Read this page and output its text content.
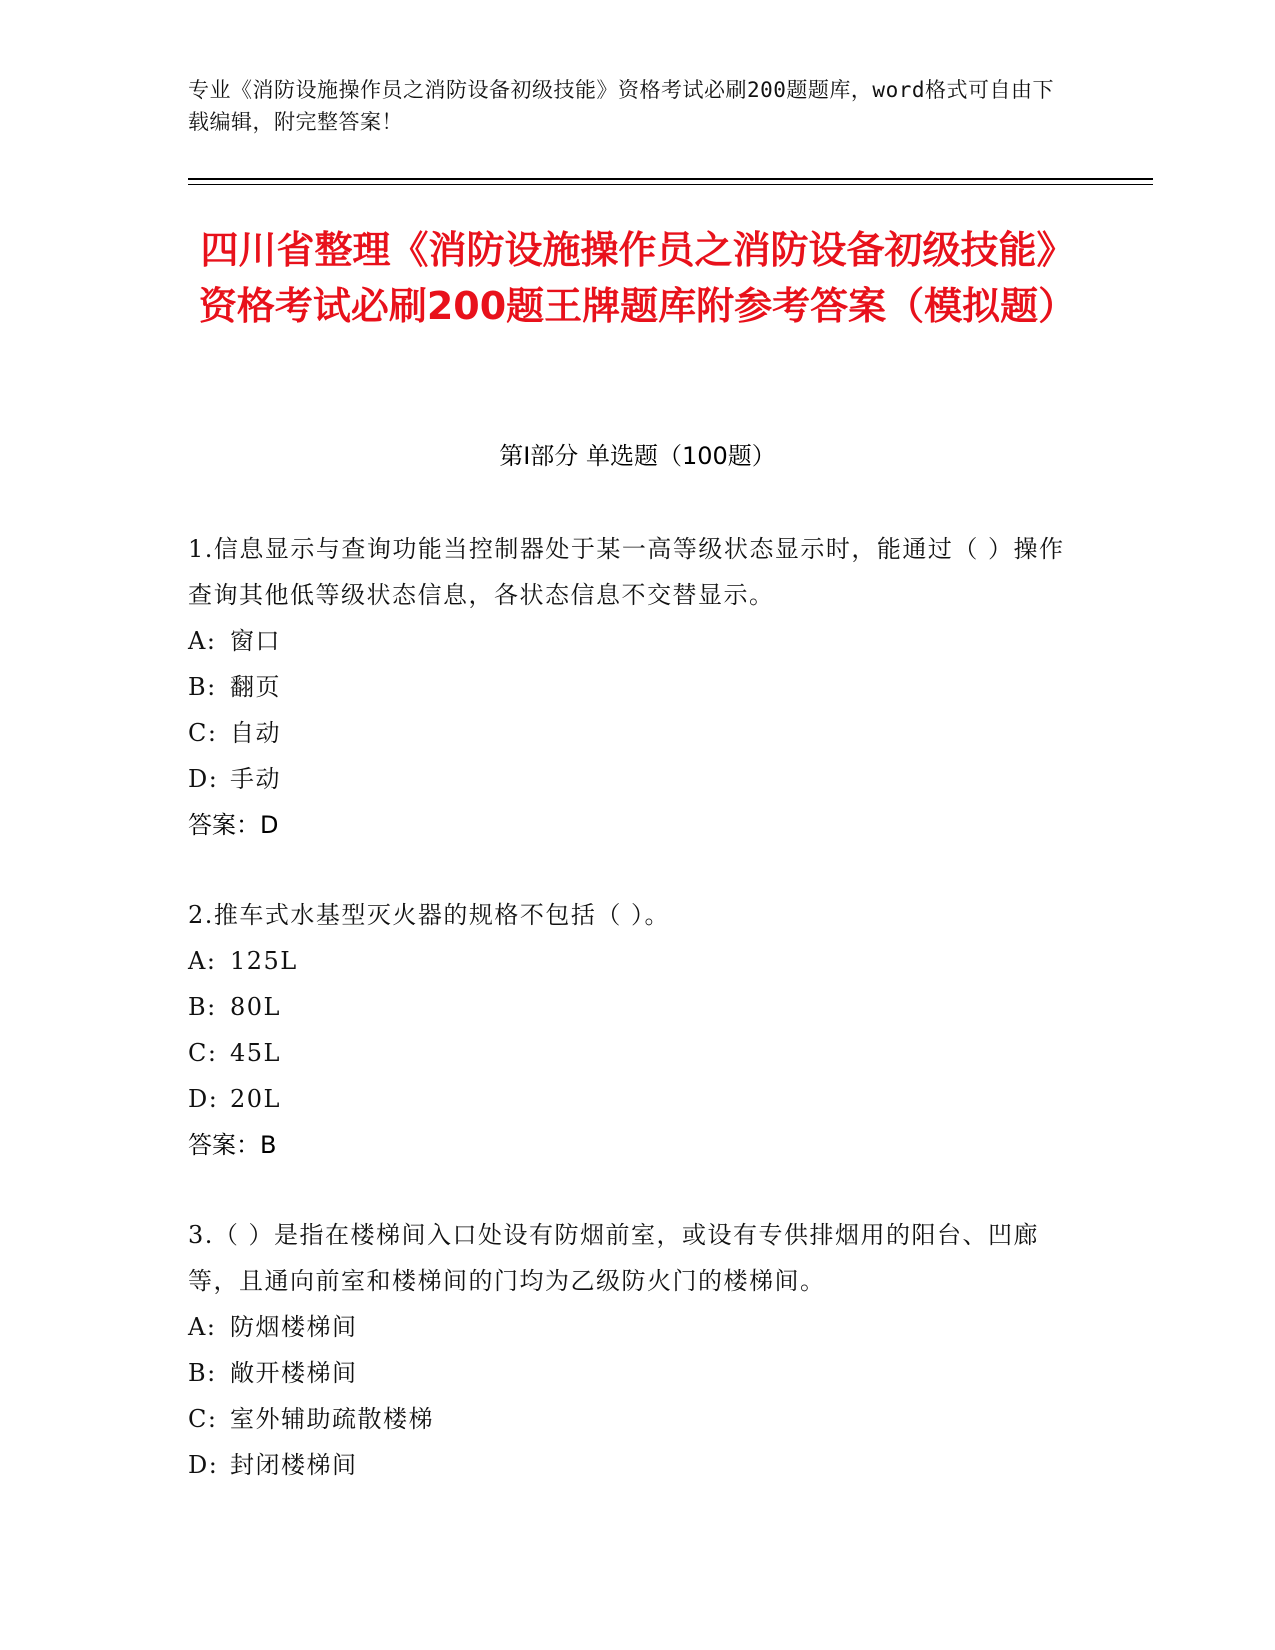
专业《消防设施操作员之消防设备初级技能》资格考试必刷200题题库，word格式可自由下载编辑，附完整答案！
四川省整理《消防设施操作员之消防设备初级技能》资格考试必刷200题王牌题库附参考答案（模拟题）
第Ⅰ部分 单选题（100题）

1.信息显示与查询功能当控制器处于某一高等级状态显示时，能通过（ ）操作查询其他低等级状态信息，各状态信息不交替显示。

A: 窗口
B: 翻页
C: 自动
D: 手动
答案：D

2.推车式水基型灭火器的规格不包括（ ）。

A: 125L
B: 80L
C: 45L
D: 20L
答案：B

3.（ ）是指在楼梯间入口处设有防烟前室，或设有专供排烟用的阳台、凹廊等，且通向前室和楼梯间的门均为乙级防火门的楼梯间。

A: 防烟楼梯间
B: 敞开楼梯间
C: 室外辅助疏散楼梯
D: 封闭楼梯间
